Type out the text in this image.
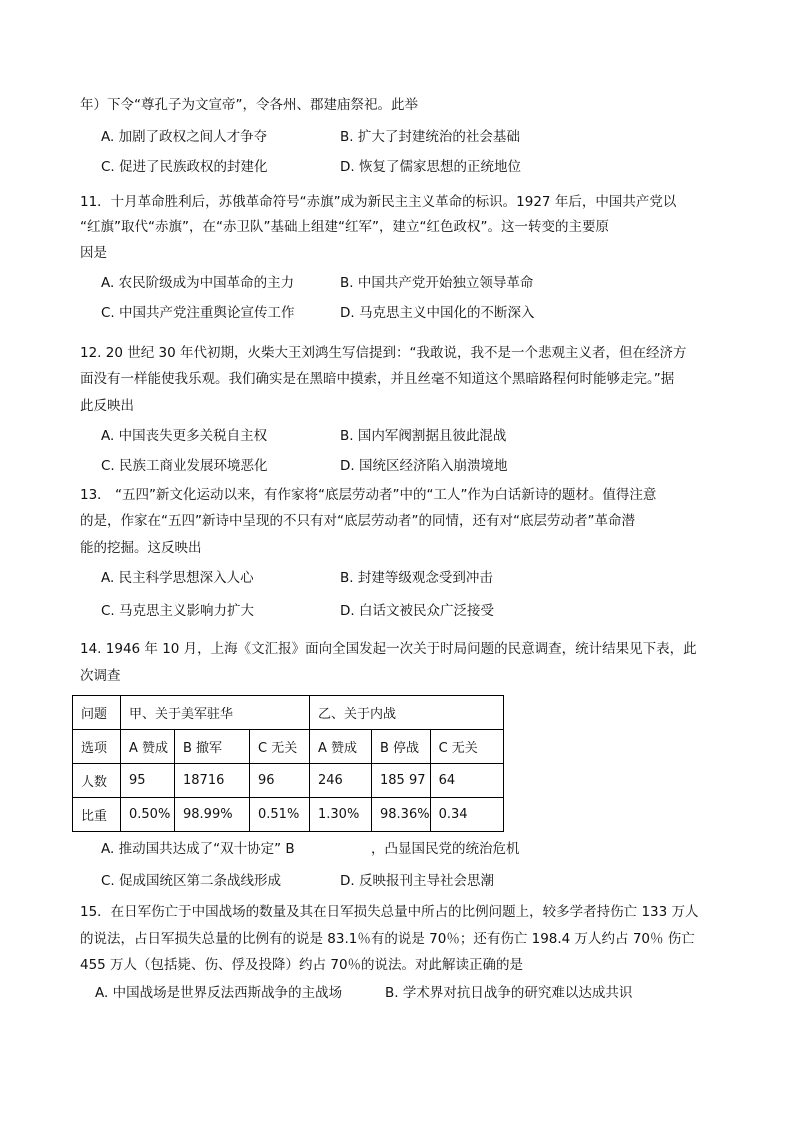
年）下令“尊孔子为文宣帝”，令各州、郡建庙祭祀。此举
A. 加剧了政权之间人才争夺	B. 扩大了封建统治的社会基础
C. 促进了民族政权的封建化	D. 恢复了儒家思想的正统地位
11．十月革命胜利后，苏俄革命符号“赤旗”成为新民主主义革命的标识。1927 年后，中国共产党以
“红旗”取代“赤旗”，在“赤卫队”基础上组建“红军”，建立“红色政权”。这一转变的主要原
因是
A. 农民阶级成为中国革命的主力	B. 中国共产党开始独立领导革命
C. 中国共产党注重舆论宣传工作	D. 马克思主义中国化的不断深入
12. 20 世纪 30 年代初期，火柴大王刘鸿生写信提到：“我敢说，我不是一个悲观主义者，但在经济方
面没有一样能使我乐观。我们确实是在黑暗中摸索，并且丝毫不知道这个黑暗路程何时能够走完。”据
此反映出
A. 中国丧失更多关税自主权	B. 国内军阀割据且彼此混战
C. 民族工商业发展环境恶化	D. 国统区经济陷入崩溃境地
13． “五四”新文化运动以来，有作家将“底层劳动者”中的“工人”作为白话新诗的题材。值得注意
的是，作家在“五四”新诗中呈现的不只有对“底层劳动者”的同情，还有对“底层劳动者”革命潜
能的挖掘。这反映出
A. 民主科学思想深入人心	B. 封建等级观念受到冲击
C. 马克思主义影响力扩大	D. 白话文被民众广泛接受
14. 1946 年 10 月，上海《文汇报》面向全国发起一次关于时局问题的民意调查，统计结果见下表，此
次调查
问题	甲、关于美军驻华			乙、关于内战		
选项	A 赞成	B 撤军	C 无关	A 赞成	B 停战	C 无关
人数	95	18716	96	246	185 97	64
比重	0.50%	98.99%	0.51%	1.30%	98.36%	0.34
A. 推动国共达成了“双十协定” B	，凸显国民党的统治危机
C. 促成国统区第二条战线形成	D. 反映报刊主导社会思潮
15．在日军伤亡于中国战场的数量及其在日军损失总量中所占的比例问题上，较多学者持伤亡 133 万人
的说法，占日军损失总量的比例有的说是 83.1％有的说是 70％；还有伤亡 198.4 万人约占 70％ 伤亡
455 万人（包括毙、伤、俘及投降）约占 70％的说法。对此解读正确的是
A. 中国战场是世界反法西斯战争的主战场	B. 学术界对抗日战争的研究难以达成共识
